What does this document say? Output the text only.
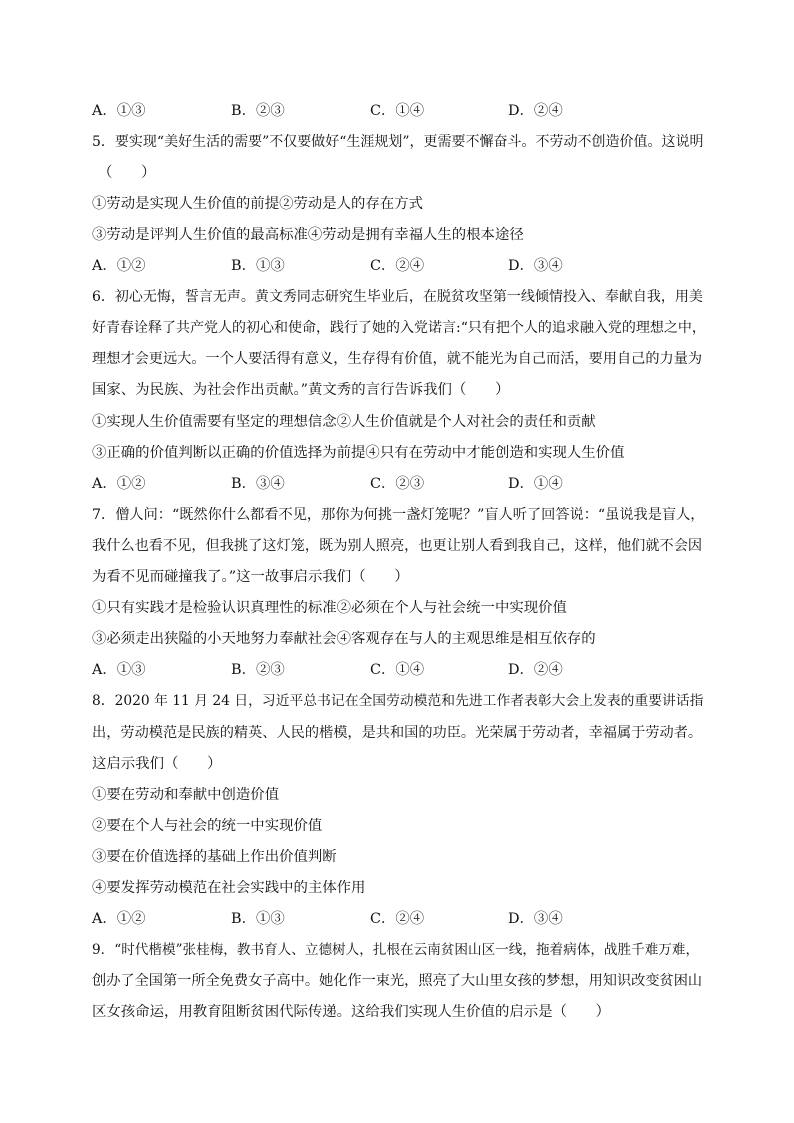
A．①③	B．②③	C．①④	D．②④
5．要实现“美好生活的需要”不仅要做好“生涯规划”，更需要不懈奋斗。不劳动不创造价值。这说明
（　　）
①劳动是实现人生价值的前提②劳动是人的存在方式
③劳动是评判人生价值的最高标准④劳动是拥有幸福人生的根本途径
A．①②	B．①③	C．②④	D．③④
6．初心无悔，誓言无声。黄文秀同志研究生毕业后，在脱贫攻坚第一线倾情投入、奉献自我，用美
好青春诠释了共产党人的初心和使命，践行了她的入党诺言:“只有把个人的追求融入党的理想之中，
理想才会更远大。一个人要活得有意义，生存得有价值，就不能光为自己而活，要用自己的力量为
国家、为民族、为社会作出贡献。”黄文秀的言行告诉我们（　　）
①实现人生价值需要有坚定的理想信念②人生价值就是个人对社会的责任和贡献
③正确的价值判断以正确的价值选择为前提④只有在劳动中才能创造和实现人生价值
A．①②	B．③④	C．②③	D．①④
7．僧人问：“既然你什么都看不见，那你为何挑一盏灯笼呢？”盲人听了回答说：“虽说我是盲人，
我什么也看不见，但我挑了这灯笼，既为别人照亮，也更让别人看到我自己，这样，他们就不会因
为看不见而碰撞我了。”这一故事启示我们（　　）
①只有实践才是检验认识真理性的标准②必须在个人与社会统一中实现价值
③必须走出狭隘的小天地努力奉献社会④客观存在与人的主观思维是相互依存的
A．①③	B．②③	C．①④	D．②④
8．2020 年 11 月 24 日，习近平总书记在全国劳动模范和先进工作者表彰大会上发表的重要讲话指
出，劳动模范是民族的精英、人民的楷模，是共和国的功臣。光荣属于劳动者，幸福属于劳动者。
这启示我们（　　）
①要在劳动和奉献中创造价值
②要在个人与社会的统一中实现价值
③要在价值选择的基础上作出价值判断
④要发挥劳动模范在社会实践中的主体作用
A．①②	B．①③	C．②④	D．③④
9．“时代楷模”张桂梅，教书育人、立德树人，扎根在云南贫困山区一线，拖着病体，战胜千难万难，
创办了全国第一所全免费女子高中。她化作一束光，照亮了大山里女孩的梦想，用知识改变贫困山
区女孩命运，用教育阻断贫困代际传递。这给我们实现人生价值的启示是（　　）
